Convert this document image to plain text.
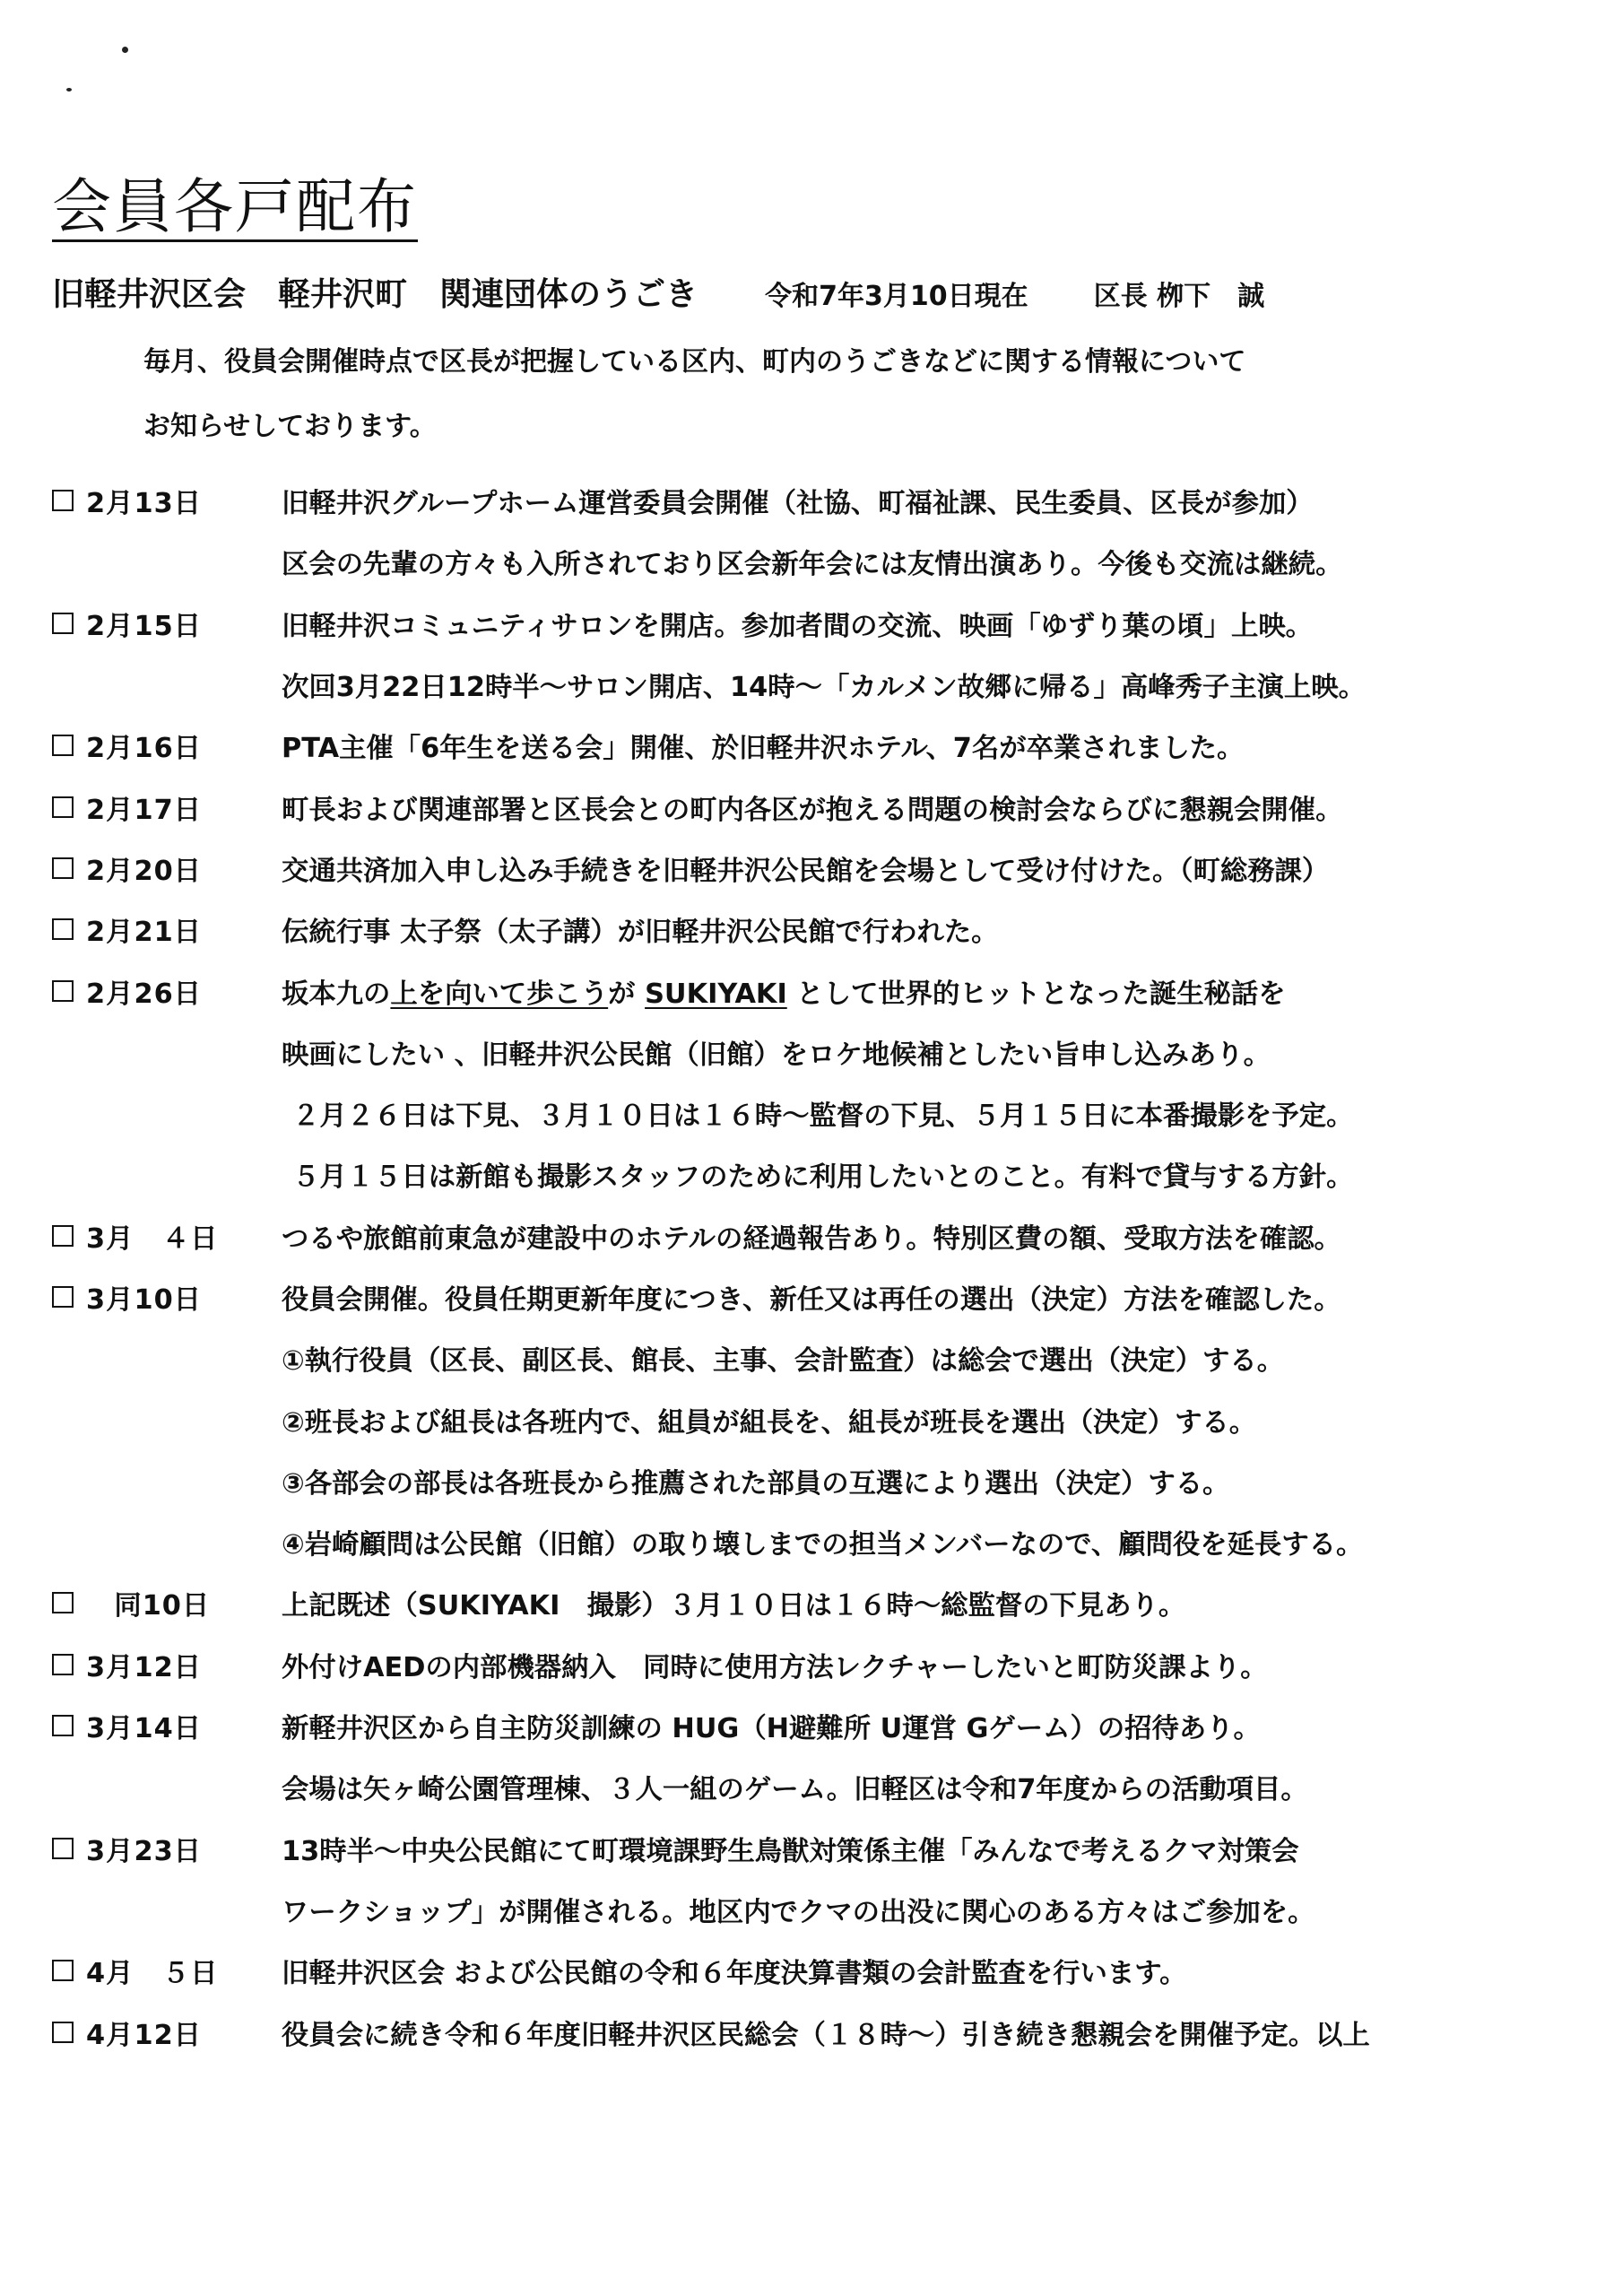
会員各戸配布
旧軽井沢区会　軽井沢町　関連団体のうごき	令和7年3月10日現在 区長 栁下　誠
毎月、役員会開催時点で区長が把握している区内、町内のうごきなどに関する情報について
お知らせしております。
2月13日	旧軽井沢グループホーム運営委員会開催（社協、町福祉課、民生委員、区長が参加）
区会の先輩の方々も入所されており区会新年会には友情出演あり。今後も交流は継続。
2月15日	旧軽井沢コミュニティサロンを開店。参加者間の交流、映画「ゆずり葉の頃」上映。
次回3月22日12時半～サロン開店、14時～「カルメン故郷に帰る」高峰秀子主演上映。
2月16日	PTA主催「6年生を送る会」開催、於旧軽井沢ホテル、7名が卒業されました。
2月17日	町長および関連部署と区長会との町内各区が抱える問題の検討会ならびに懇親会開催。
2月20日	交通共済加入申し込み手続きを旧軽井沢公民館を会場として受け付けた。（町総務課）
2月21日	伝統行事 太子祭（太子講）が旧軽井沢公民館で行われた。
2月26日	坂本九の上を向いて歩こうが SUKIYAKI として世界的ヒットとなった誕生秘話を
映画にしたい 、旧軽井沢公民館（旧館）をロケ地候補としたい旨申し込みあり。
２月２６日は下見、３月１０日は１６時～監督の下見、５月１５日に本番撮影を予定。
５月１５日は新館も撮影スタッフのために利用したいとのこと。有料で貸与する方針。
3月　４日	つるや旅館前東急が建設中のホテルの経過報告あり。特別区費の額、受取方法を確認。
3月10日	役員会開催。役員任期更新年度につき、新任又は再任の選出（決定）方法を確認した。
①執行役員（区長、副区長、館長、主事、会計監査）は総会で選出（決定）する。
②班長および組長は各班内で、組員が組長を、組長が班長を選出（決定）する。
③各部会の部長は各班長から推薦された部員の互選により選出（決定）する。
④岩崎顧問は公民館（旧館）の取り壊しまでの担当メンバーなので、顧問役を延長する。
　同10日	上記既述（SUKIYAKI　撮影）３月１０日は１６時～総監督の下見あり。
3月12日	外付けAEDの内部機器納入　同時に使用方法レクチャーしたいと町防災課より。
3月14日	新軽井沢区から自主防災訓練の HUG（H避難所 U運営 Gゲーム）の招待あり。
会場は矢ヶ崎公園管理棟、３人一組のゲーム。旧軽区は令和7年度からの活動項目。
3月23日	13時半～中央公民館にて町環境課野生鳥獣対策係主催「みんなで考えるクマ対策会
ワークショップ」が開催される。地区内でクマの出没に関心のある方々はご参加を。
4月　５日	旧軽井沢区会 および公民館の令和６年度決算書類の会計監査を行います。
4月12日	役員会に続き令和６年度旧軽井沢区民総会（１８時～）引き続き懇親会を開催予定。以上
